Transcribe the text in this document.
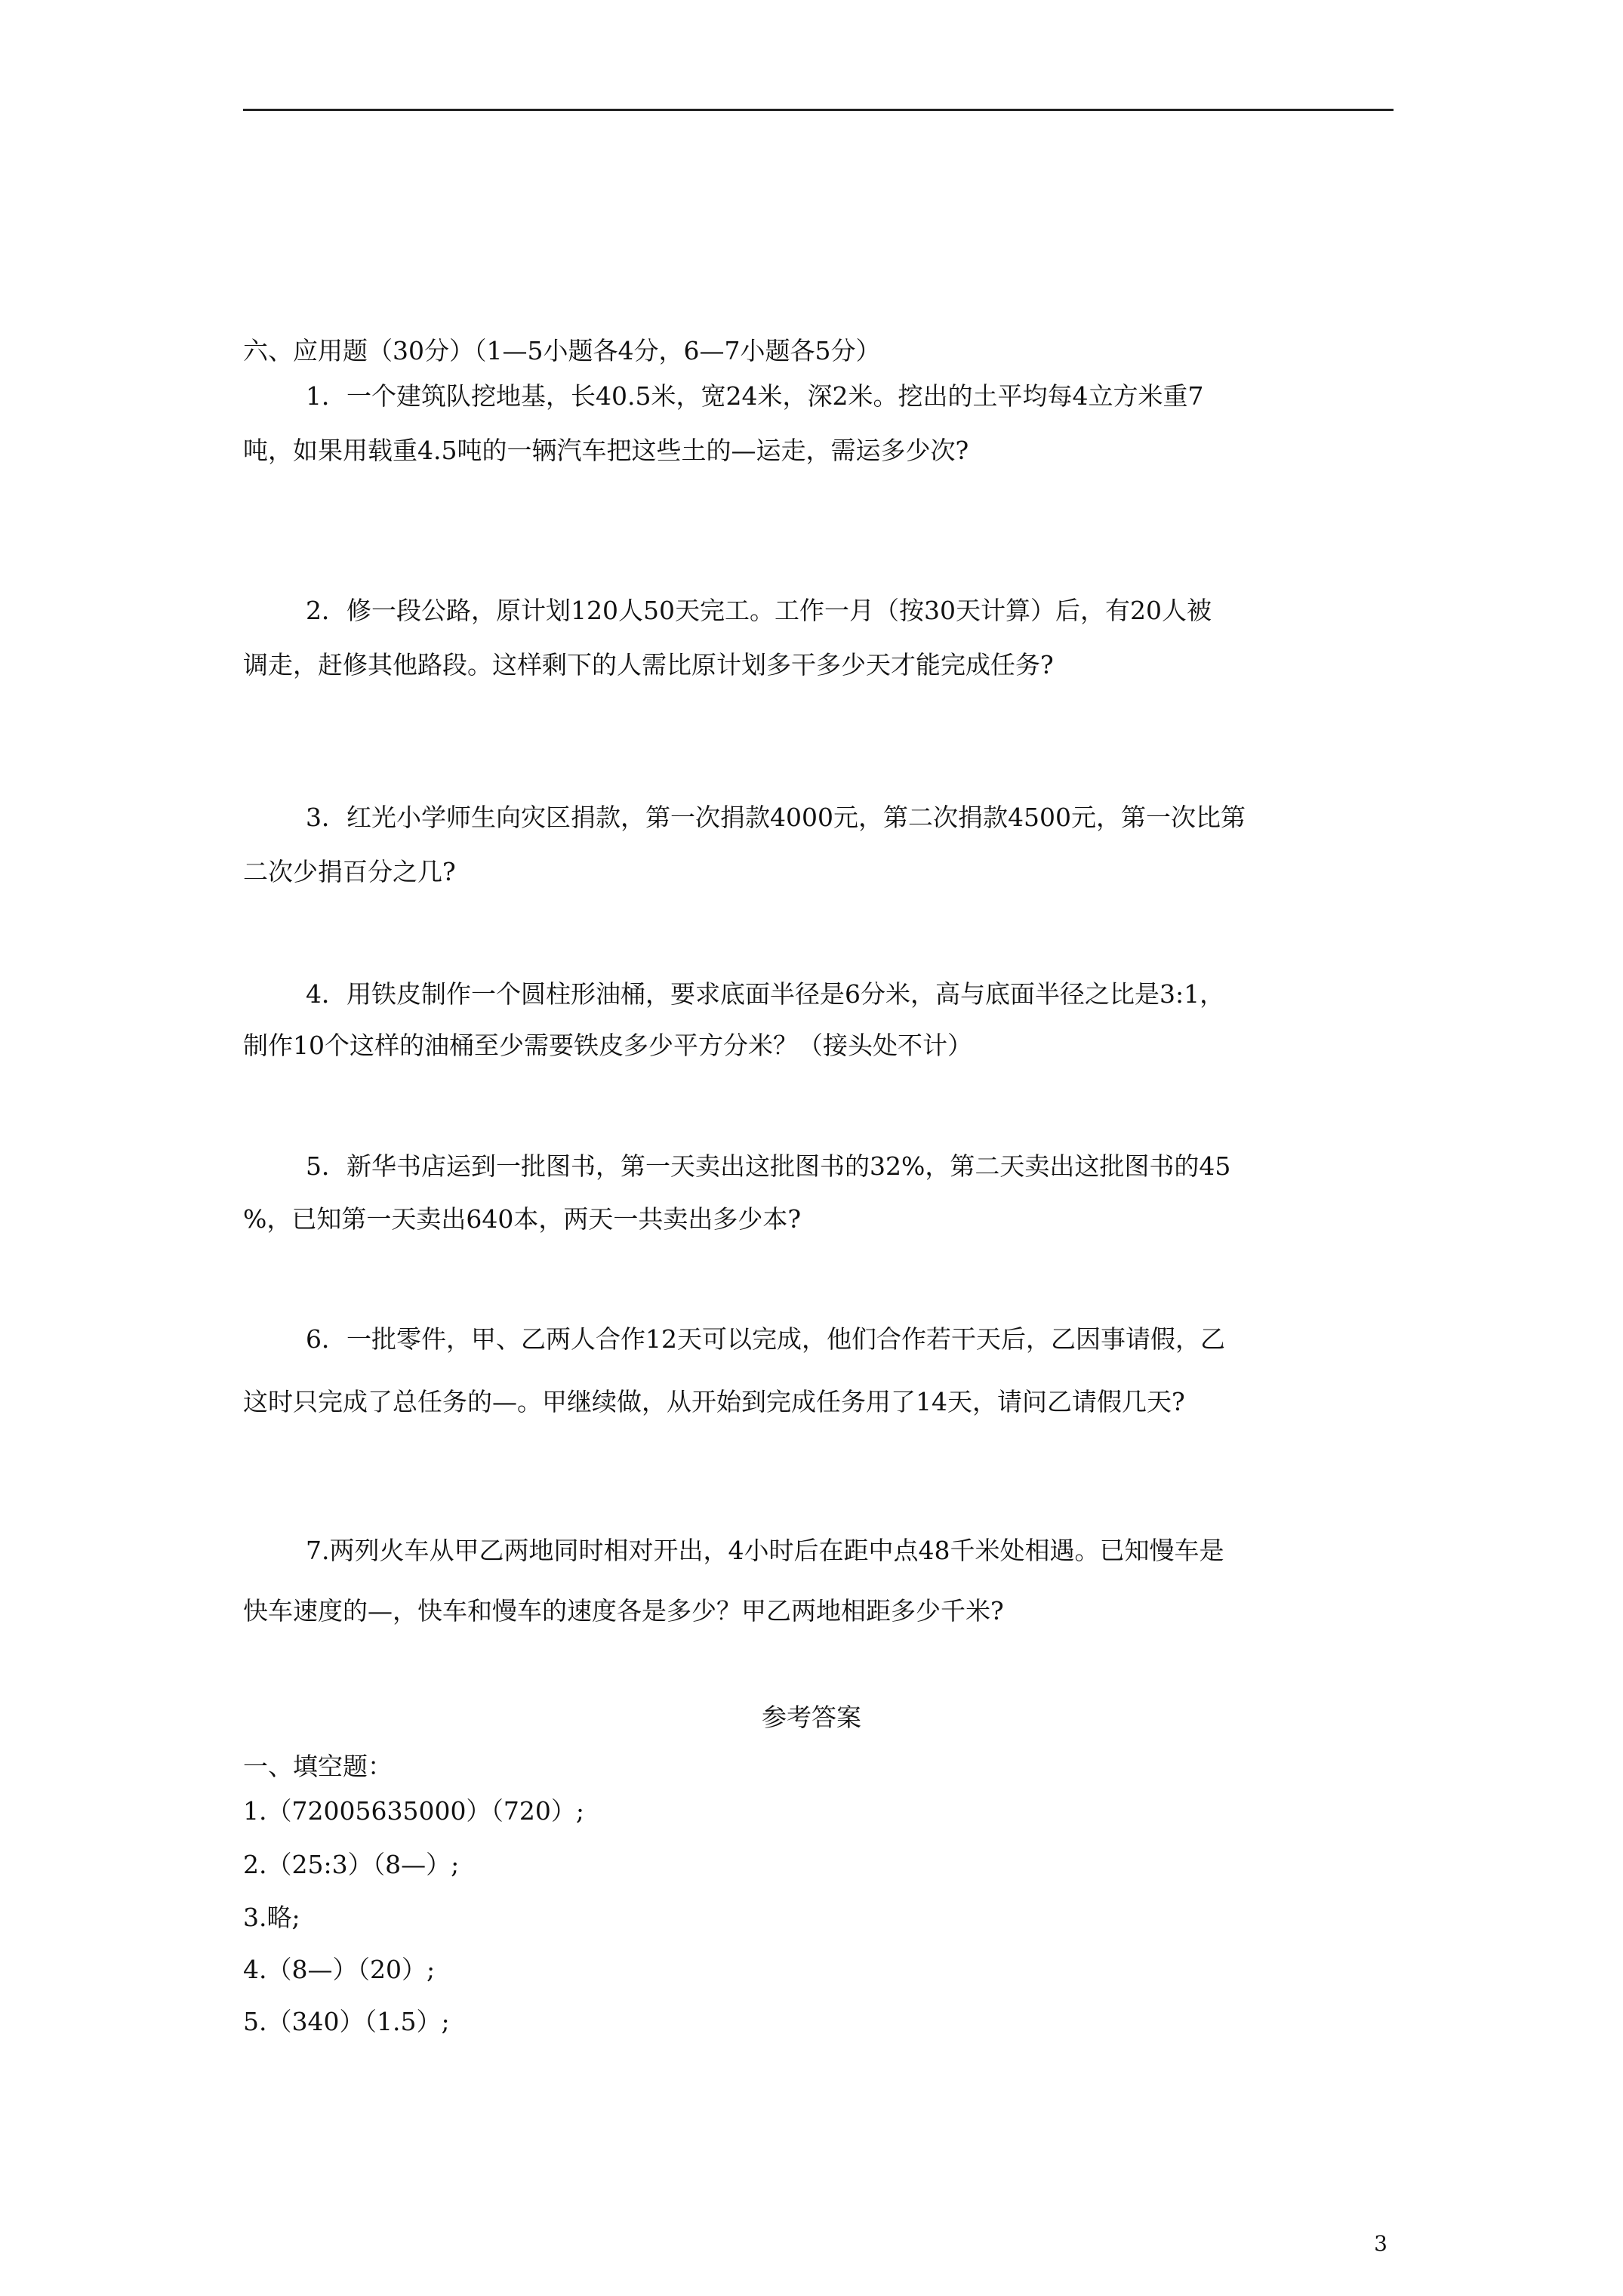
六、应用题（30分）（1—5小题各4分，6—7小题各5分）
1．一个建筑队挖地基，长40.5米，宽24米，深2米。挖出的土平均每4立方米重7
吨，如果用载重4.5吨的一辆汽车把这些土的—运走，需运多少次?
2．修一段公路，原计划120人50天完工。工作一月（按30天计算）后，有20人被
调走，赶修其他路段。这样剩下的人需比原计划多干多少天才能完成任务?
3．红光小学师生向灾区捐款，第一次捐款4000元，第二次捐款4500元，第一次比第
二次少捐百分之几?
4．用铁皮制作一个圆柱形油桶，要求底面半径是6分米，高与底面半径之比是3:1，
制作10个这样的油桶至少需要铁皮多少平方分米？（接头处不计）
5．新华书店运到一批图书，第一天卖出这批图书的32%，第二天卖出这批图书的45
%，已知第一天卖出640本，两天一共卖出多少本?
6．一批零件，甲、乙两人合作12天可以完成，他们合作若干天后，乙因事请假，乙
这时只完成了总任务的—。甲继续做，从开始到完成任务用了14天，请问乙请假几天?
7.两列火车从甲乙两地同时相对开出，4小时后在距中点48千米处相遇。已知慢车是
快车速度的—，快车和慢车的速度各是多少？甲乙两地相距多少千米?
参考答案
一、填空题：
1.（72005635000）（720）;
2.（25:3）（8—）;
3.略;
4.（8—）（20）;
5.（340）（1.5）;
3
